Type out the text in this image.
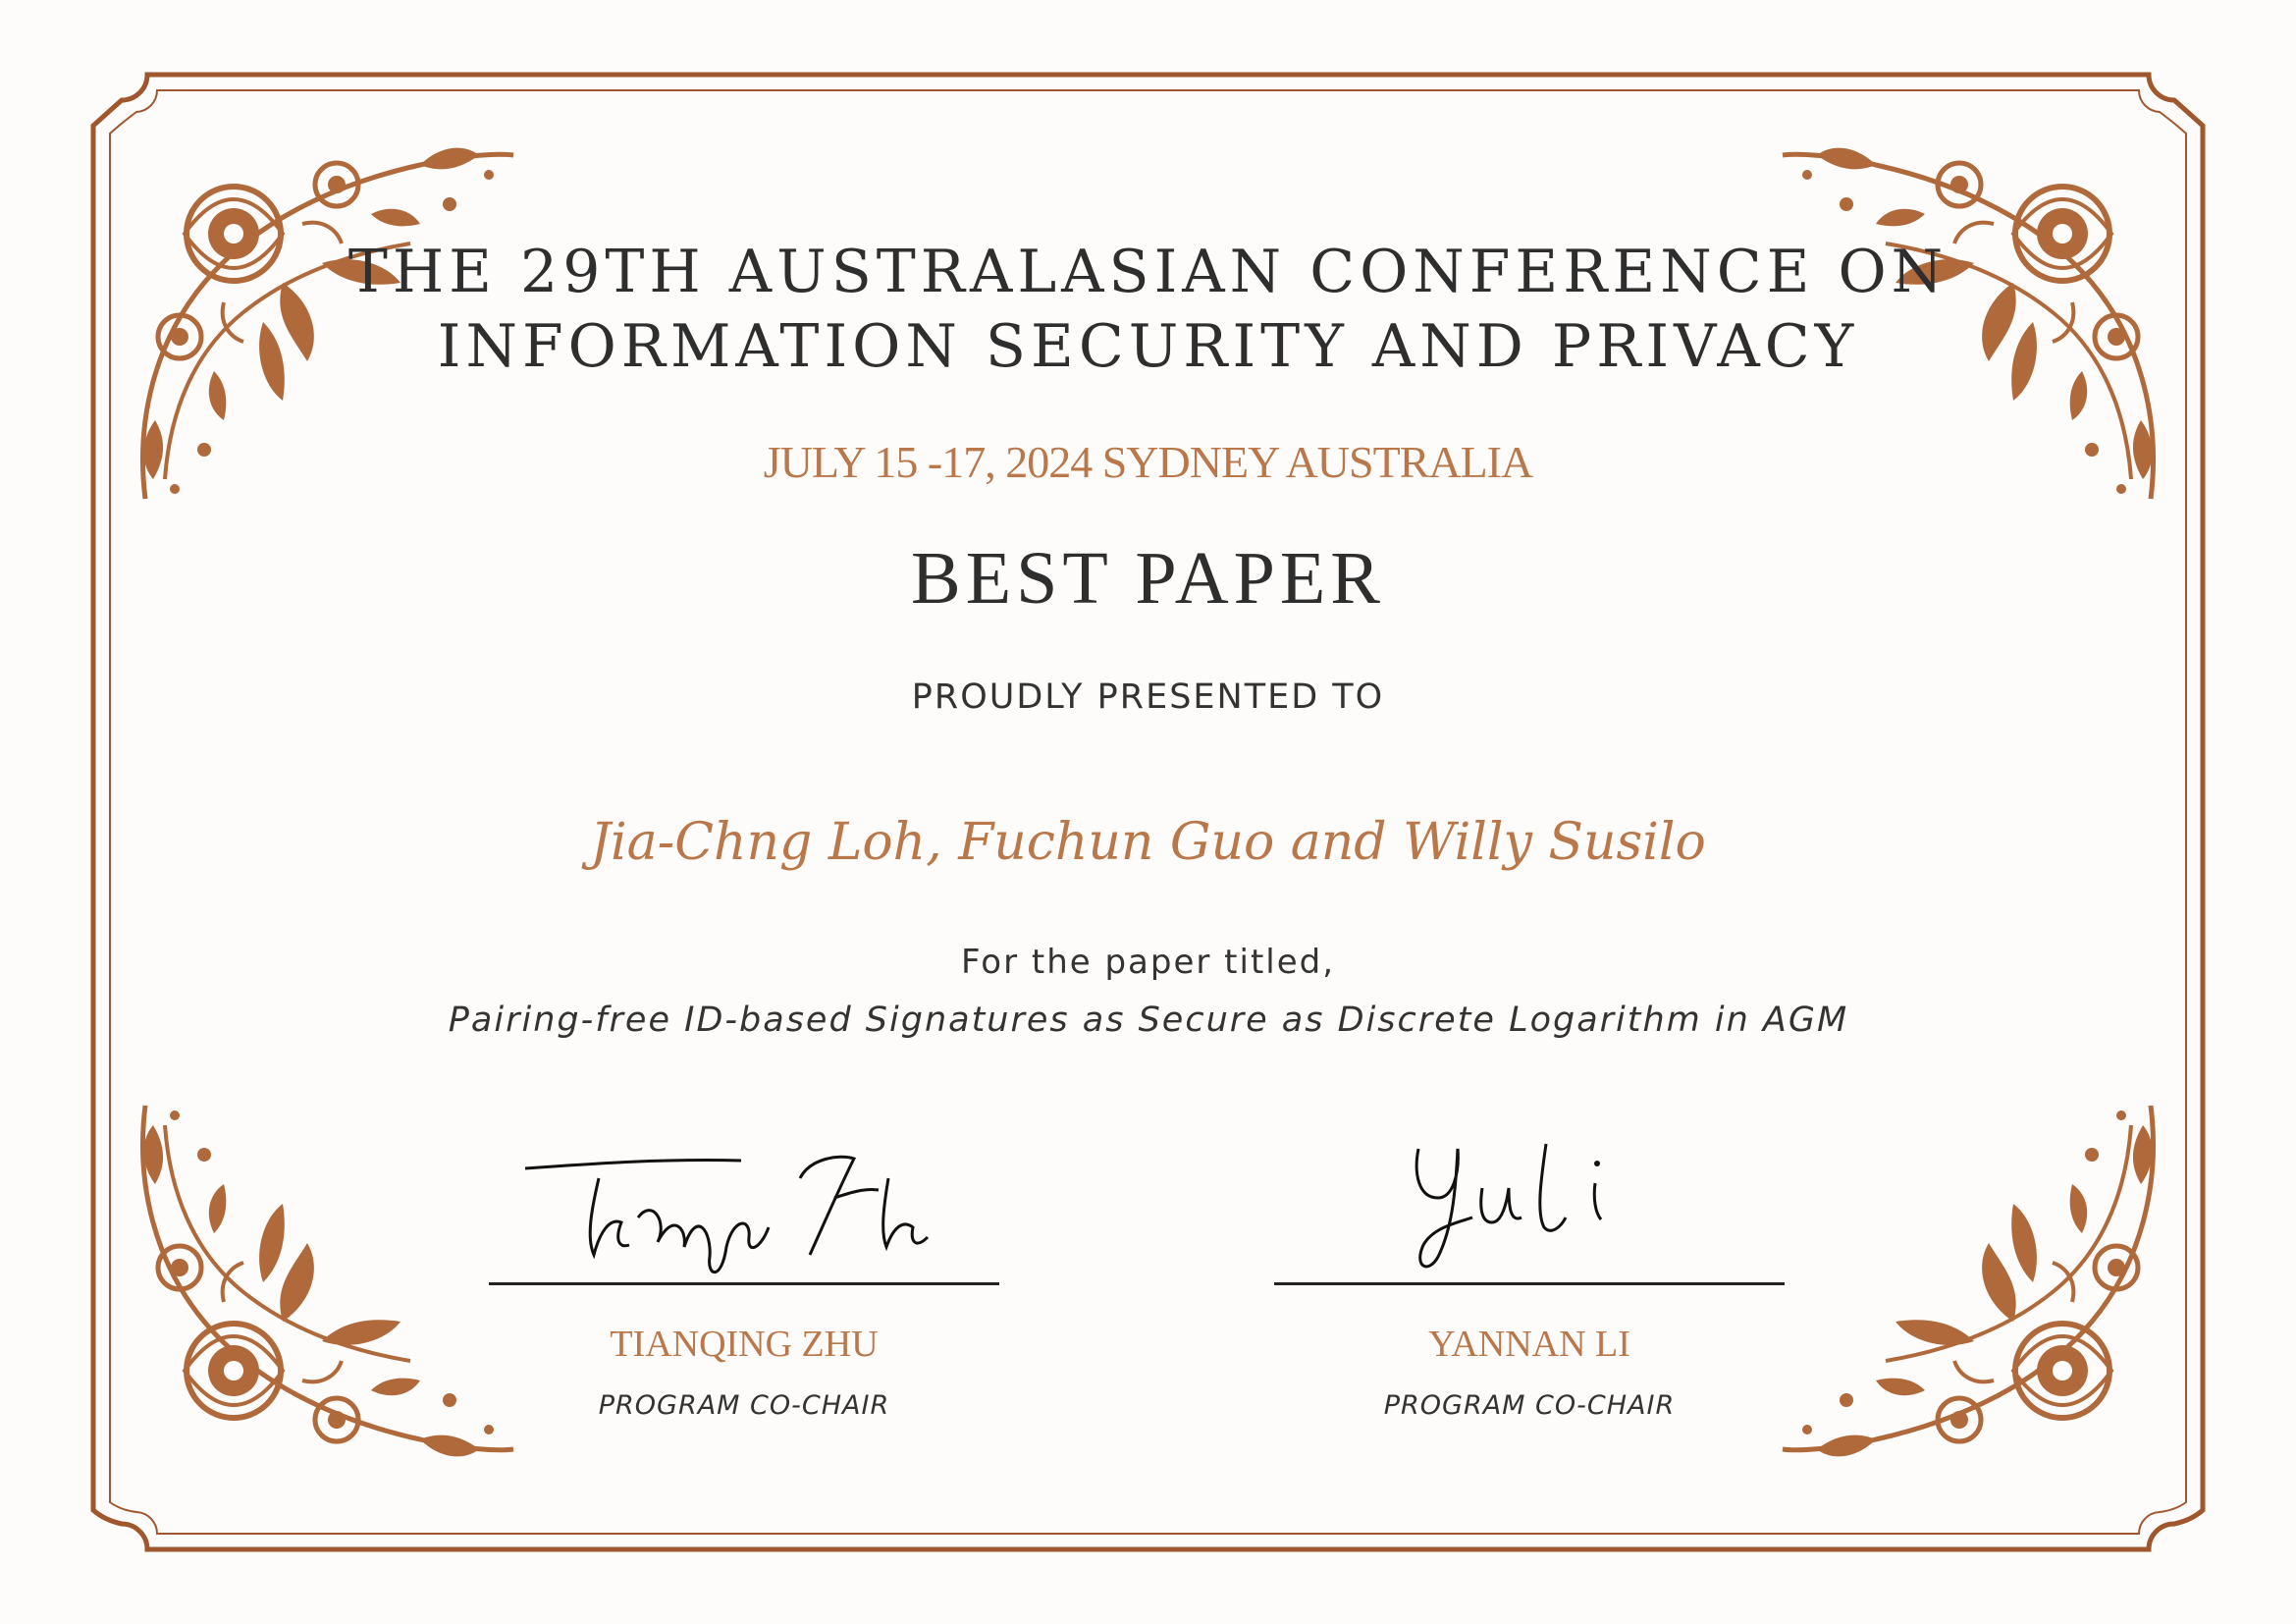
THE 29TH AUSTRALASIAN CONFERENCE ON
INFORMATION SECURITY AND PRIVACY
JULY 15 -17, 2024 SYDNEY AUSTRALIA
BEST PAPER
PROUDLY PRESENTED TO
Jia-Chng Loh, Fuchun Guo and Willy Susilo
For the paper titled,
Pairing-free ID-based Signatures as Secure as Discrete Logarithm in AGM
TIANQING ZHU
PROGRAM CO-CHAIR
YANNAN LI
PROGRAM CO-CHAIR
